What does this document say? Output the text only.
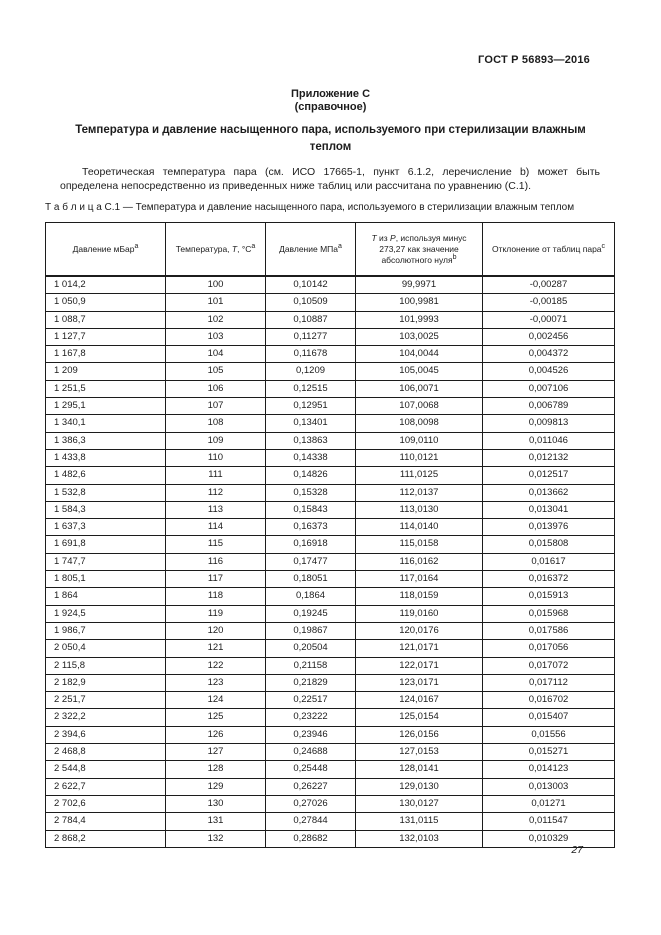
ГОСТ Р 56893—2016
Приложение С
(справочное)
Температура и давление насыщенного пара, используемого при стерилизации влажным теплом

Теоретическая температура пара (см. ИСО 17665-1, пункт 6.1.2, леречисление b) может быть определена непосредственно из приведенных ниже таблиц или рассчитана по уравнению (С.1).

Т а б л и ц а С.1 — Температура и давление насыщенного пара, используемого в стерилизации влажным теплом

Давление мБар$^a$	Температура, Т, $^\circ С^a$	Давление МПа$^a$	Т из Р, используя минус 273,27 как значение абсолютного нуля$^b$	Отклонение от таблиц пара$^c$
1 014,2	100	0,10142	99,9971	-0,00287
1 050,9	101	0,10509	100,9981	-0,00185
1 088,7	102	0,10887	101,9993	-0,00071
1 127,7	103	0,11277	103,0025	0,002456
1 167,8	104	0,11678	104,0044	0,004372
1 209	105	0,1209	105,0045	0,004526
1 251,5	106	0,12515	106,0071	0,007106
1 295,1	107	0,12951	107,0068	0,006789
1 340,1	108	0,13401	108,0098	0,009813
1 386,3	109	0,13863	109,0110	0,011046
1 433,8	110	0,14338	110,0121	0,012132
1 482,6	111	0,14826	111,0125	0,012517
1 532,8	112	0,15328	112,0137	0,013662
1 584,3	113	0,15843	113,0130	0,013041
1 637,3	114	0,16373	114,0140	0,013976
1 691,8	115	0,16918	115,0158	0,015808
1 747,7	116	0,17477	116,0162	0,01617
1 805,1	117	0,18051	117,0164	0,016372
1 864	118	0,1864	118,0159	0,015913
1 924,5	119	0,19245	119,0160	0,015968
1 986,7	120	0,19867	120,0176	0,017586
2 050,4	121	0,20504	121,0171	0,017056
2 115,8	122	0,21158	122,0171	0,017072
2 182,9	123	0,21829	123,0171	0,017112
2 251,7	124	0,22517	124,0167	0,016702
2 322,2	125	0,23222	125,0154	0,015407
2 394,6	126	0,23946	126,0156	0,01556
2 468,8	127	0,24688	127,0153	0,015271
2 544,8	128	0,25448	128,0141	0,014123
2 622,7	129	0,26227	129,0130	0,013003
2 702,6	130	0,27026	130,0127	0,01271
2 784,4	131	0,27844	131,0115	0,011547
2 868,2	132	0,28682	132,0103	0,010329
27
